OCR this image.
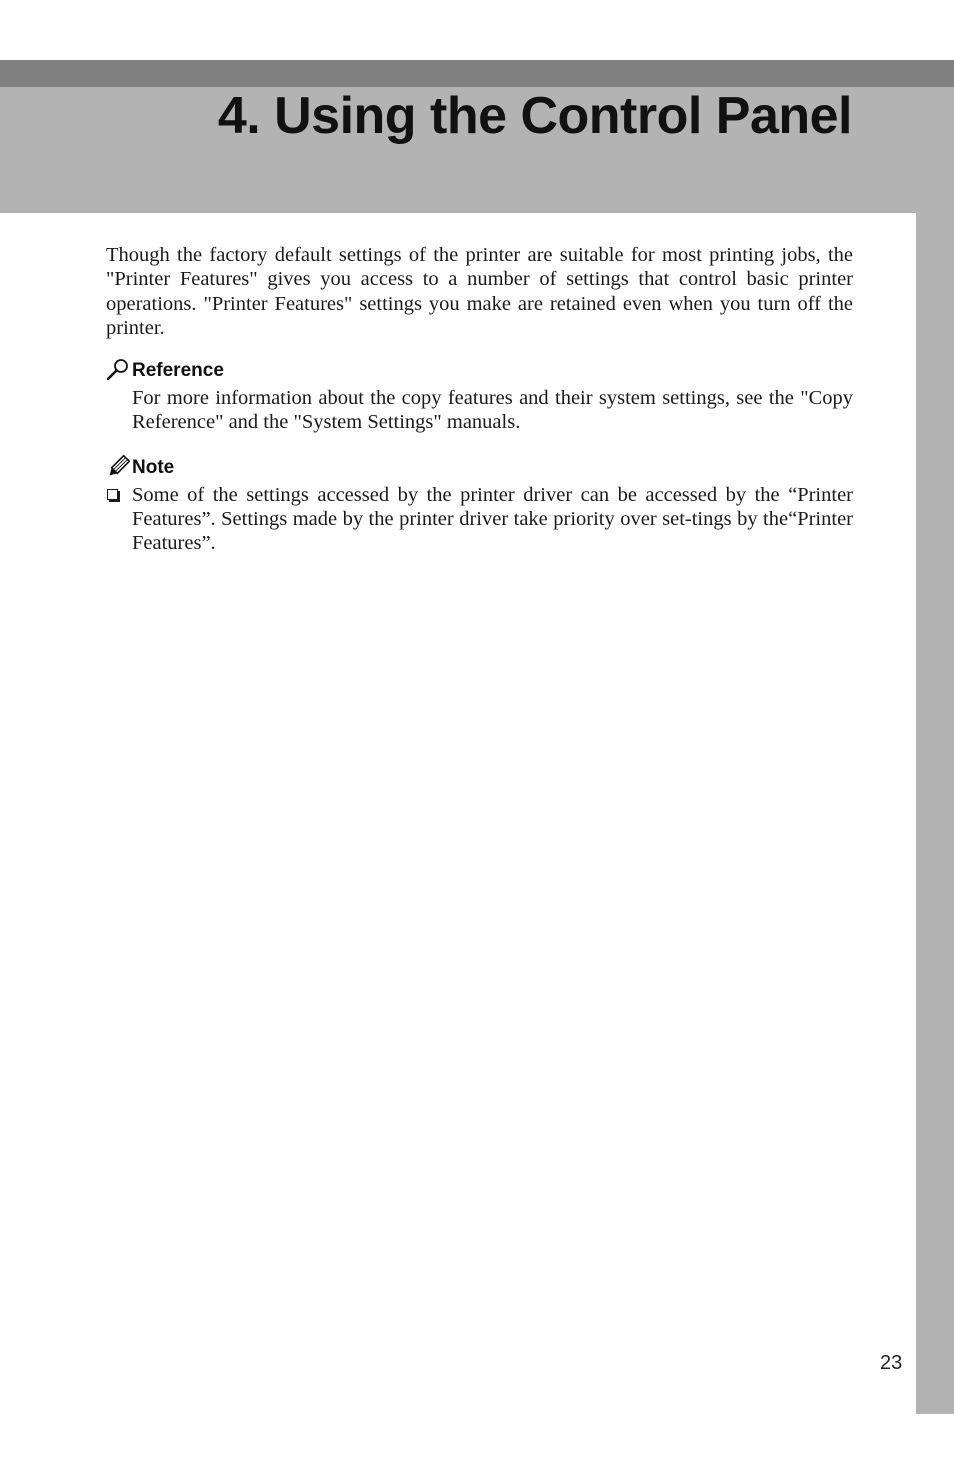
4. Using the Control Panel

Though the factory default settings of the printer are suitable for most printing jobs, the "Printer Features" gives you access to a number of settings that control basic printer operations. "Printer Features" settings you make are retained even when you turn off the printer.

Reference

For more information about the copy features and their system settings, see the "Copy Reference" and the "System Settings" manuals.

Note
Some of the settings accessed by the printer driver can be accessed by the “Printer Features”. Settings made by the printer driver take priority over set-tings by the“Printer Features”.
23
